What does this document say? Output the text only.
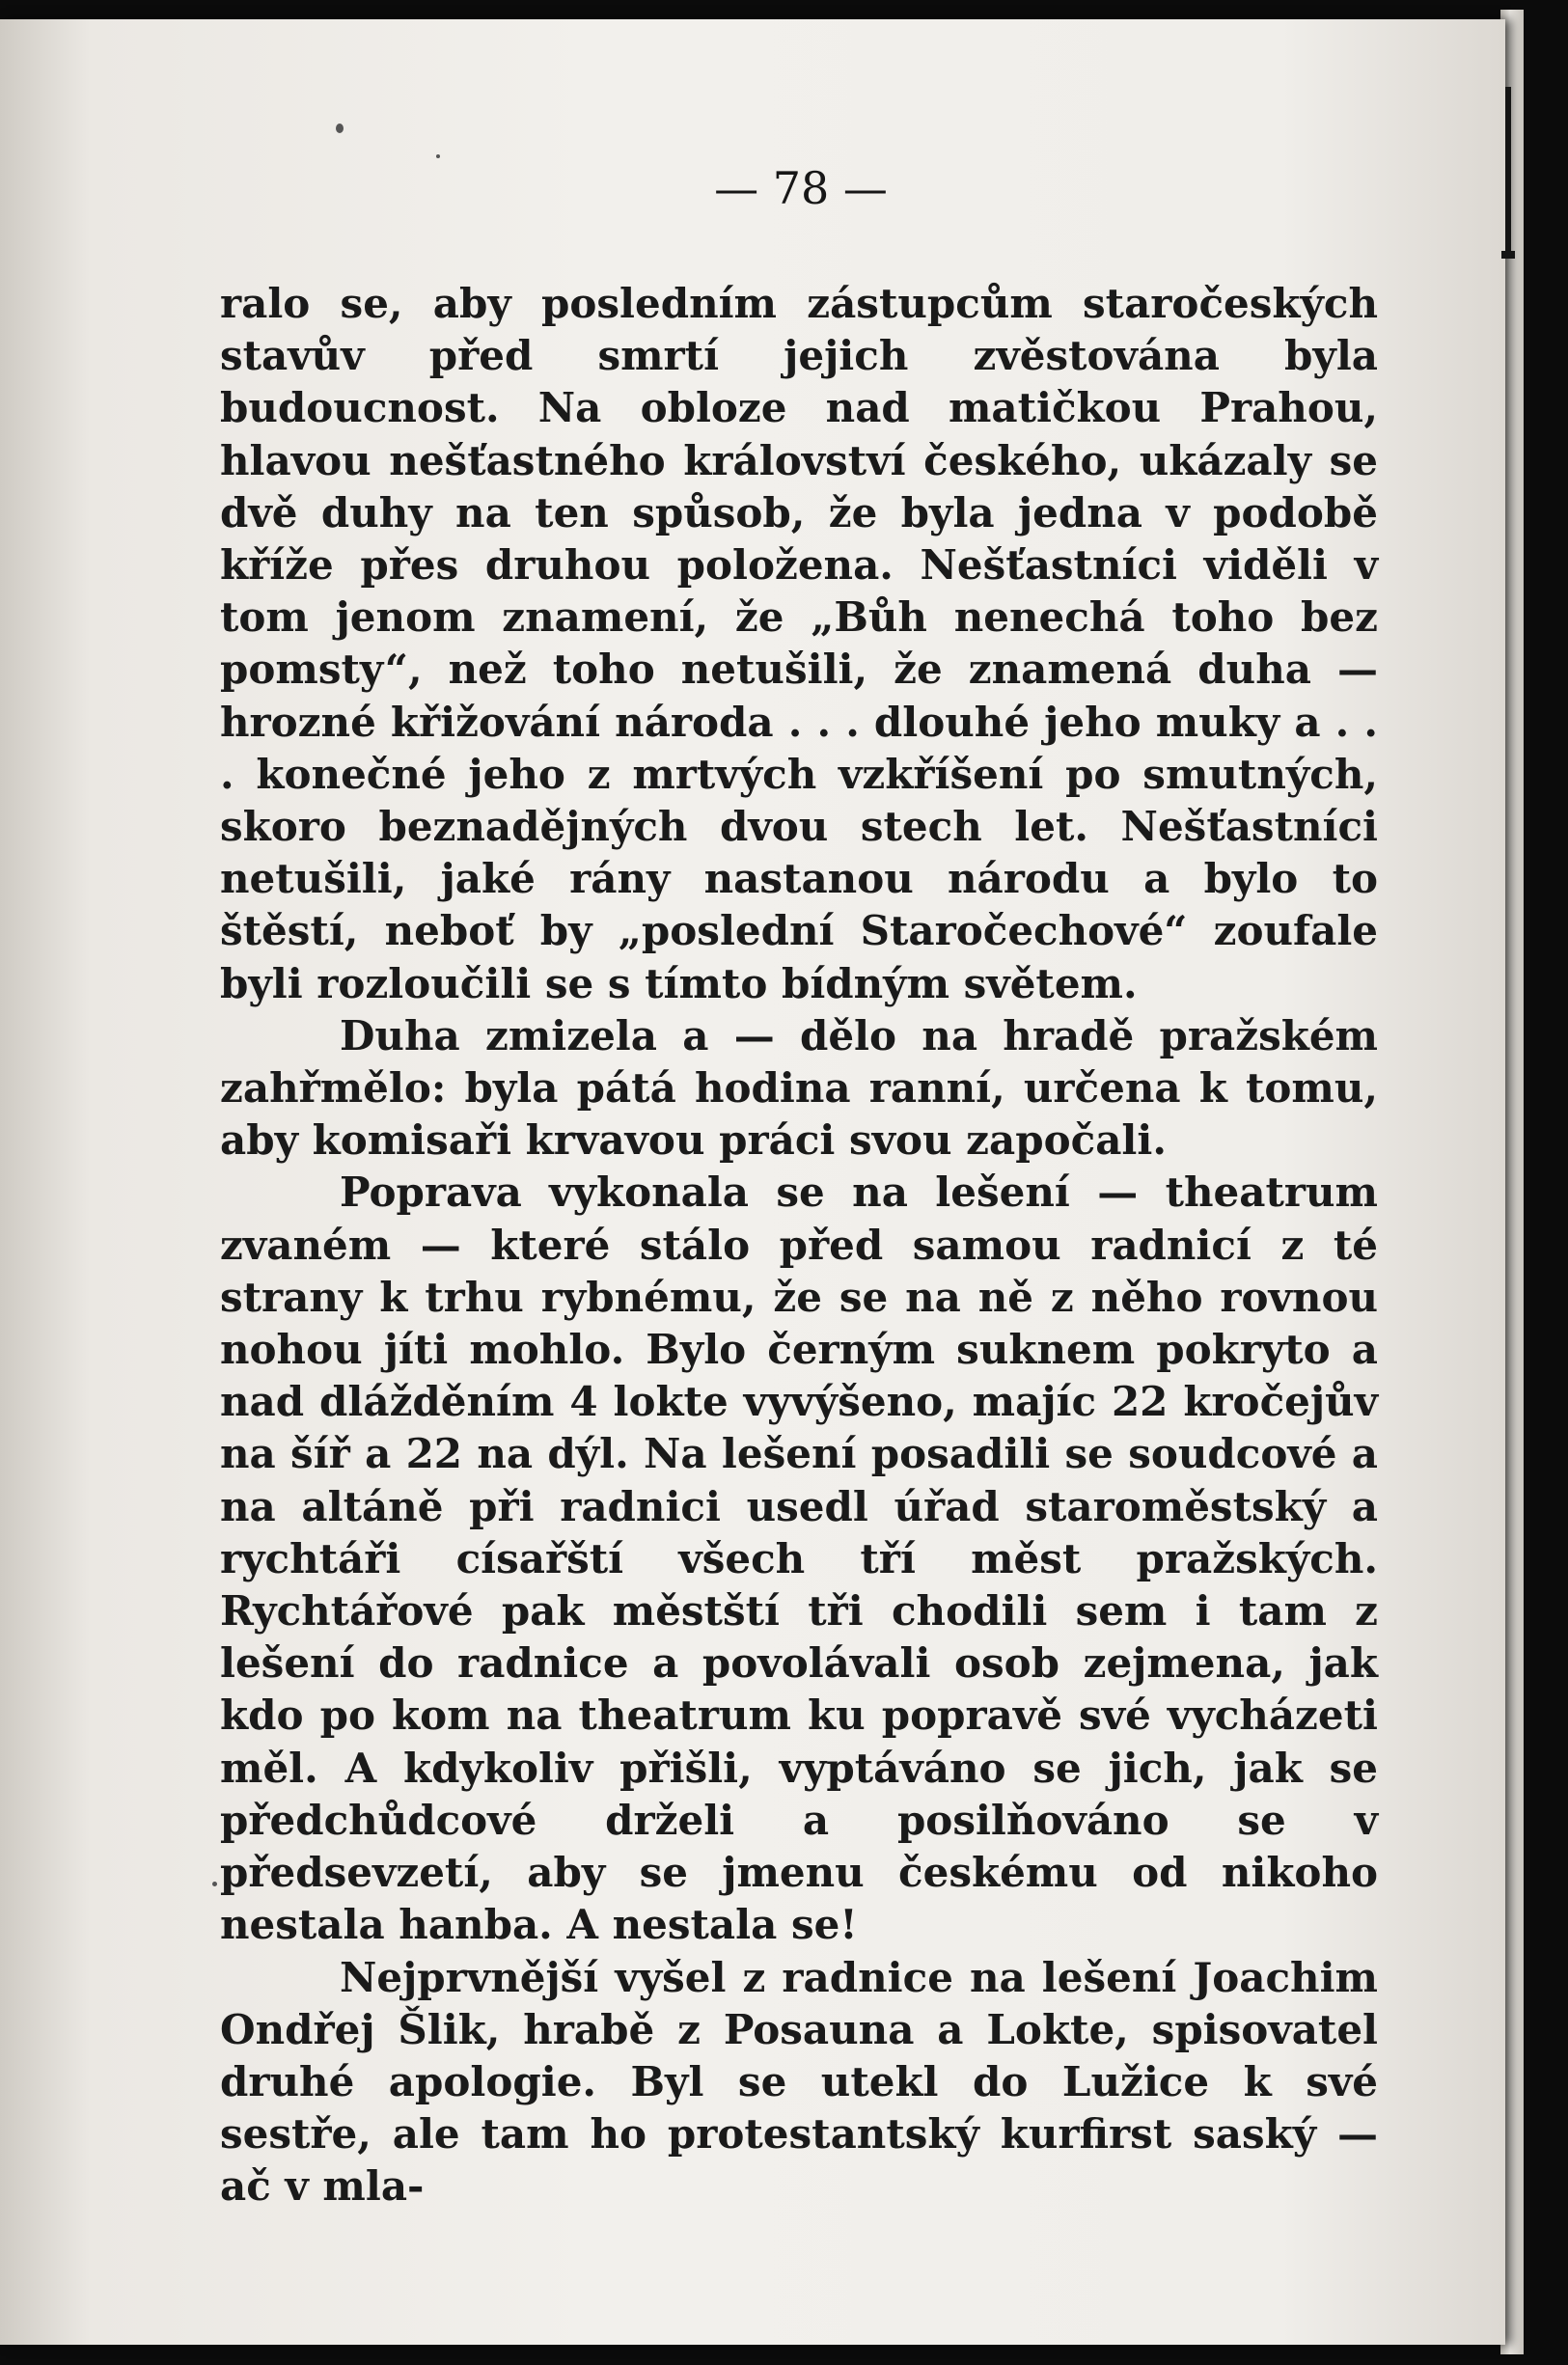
— 78 —

ralo se, aby posledním zástupcům staročeských stavův před smrtí jejich zvěstována byla budoucnost. Na obloze nad matičkou Prahou, hlavou nešťastného království českého, ukázaly se dvě duhy na ten spůsob, že byla jedna v podobě kříže přes druhou položena. Nešťastníci viděli v tom jenom znamení, že „Bůh nenechá toho bez pomsty“, než toho netušili, že znamená duha — hrozné křižování národa . . . dlouhé jeho muky a . . . konečné jeho z mrtvých vzkříšení po smutných, skoro beznadějných dvou stech let. Nešťastníci netušili, jaké rány nastanou národu a bylo to štěstí, neboť by „poslední Staročechové“ zoufale byli rozloučili se s tímto bídným světem.

Duha zmizela a — dělo na hradě pražském zahřmělo: byla pátá hodina ranní, určena k tomu, aby komisaři krvavou práci svou započali.

Poprava vykonala se na lešení — theatrum zvaném — které stálo před samou radnicí z té strany k trhu rybnému, že se na ně z něho rovnou nohou jíti mohlo. Bylo černým suknem pokryto a nad dlážděním 4 lokte vyvýšeno, majíc 22 kročejův na šíř a 22 na dýl. Na lešení posadili se soudcové a na altáně při radnici usedl úřad staroměstský a rychtáři císařští všech tří měst pražských. Rychtářové pak městští tři chodili sem i tam z lešení do radnice a povolávali osob zejmena, jak kdo po kom na theatrum ku popravě své vycházeti měl. A kdykoliv přišli, vyptáváno se jich, jak se předchůdcové drželi a posilňováno se v předsevzetí, aby se jmenu českému od nikoho nestala hanba. A nestala se!

Nejprvnější vyšel z radnice na lešení Joachim Ondřej Šlik, hrabě z Posauna a Lokte, spisovatel druhé apologie. Byl se utekl do Lužice k své sestře, ale tam ho protestantský kurfirst saský — ač v mla-
